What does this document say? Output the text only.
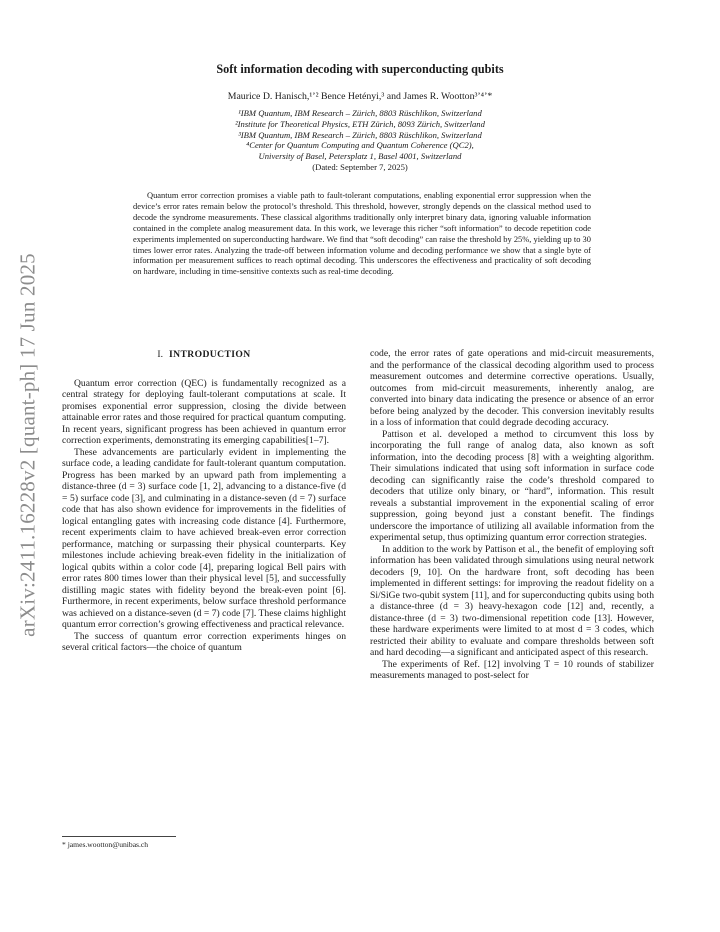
arXiv:2411.16228v2 [quant-ph] 17 Jun 2025
Soft information decoding with superconducting qubits
Maurice D. Hanisch,¹ʼ² Bence Hetényi,³ and James R. Wootton³ʼ⁴ʼ*
¹IBM Quantum, IBM Research – Zürich, 8803 Rüschlikon, Switzerland
²Institute for Theoretical Physics, ETH Zürich, 8093 Zürich, Switzerland
³IBM Quantum, IBM Research – Zürich, 8803 Rüschlikon, Switzerland
⁴Center for Quantum Computing and Quantum Coherence (QC2),
University of Basel, Petersplatz 1, Basel 4001, Switzerland
(Dated: September 7, 2025)
Quantum error correction promises a viable path to fault-tolerant computations, enabling exponential error suppression when the device’s error rates remain below the protocol’s threshold. This threshold, however, strongly depends on the classical method used to decode the syndrome measurements. These classical algorithms traditionally only interpret binary data, ignoring valuable information contained in the complete analog measurement data. In this work, we leverage this richer “soft information” to decode repetition code experiments implemented on superconducting hardware. We find that “soft decoding” can raise the threshold by 25%, yielding up to 30 times lower error rates. Analyzing the trade-off between information volume and decoding performance we show that a single byte of information per measurement suffices to reach optimal decoding. This underscores the effectiveness and practicality of soft decoding on hardware, including in time-sensitive contexts such as real-time decoding.
I. INTRODUCTION

Quantum error correction (QEC) is fundamentally recognized as a central strategy for deploying fault-tolerant computations at scale. It promises exponential error suppression, closing the divide between attainable error rates and those required for practical quantum computing. In recent years, significant progress has been achieved in quantum error correction experiments, demonstrating its emerging capabilities[1–7].

These advancements are particularly evident in implementing the surface code, a leading candidate for fault-tolerant quantum computation. Progress has been marked by an upward path from implementing a distance-three (d = 3) surface code [1, 2], advancing to a distance-five (d = 5) surface code [3], and culminating in a distance-seven (d = 7) surface code that has also shown evidence for improvements in the fidelities of logical entangling gates with increasing code distance [4]. Furthermore, recent experiments claim to have achieved break-even error correction performance, matching or surpassing their physical counterparts. Key milestones include achieving break-even fidelity in the initialization of logical qubits within a color code [4], preparing logical Bell pairs with error rates 800 times lower than their physical level [5], and successfully distilling magic states with fidelity beyond the break-even point [6]. Furthermore, in recent experiments, below surface threshold performance was achieved on a distance-seven (d = 7) code [7]. These claims highlight quantum error correction’s growing effectiveness and practical relevance.

The success of quantum error correction experiments hinges on several critical factors—the choice of quantum

code, the error rates of gate operations and mid-circuit measurements, and the performance of the classical decoding algorithm used to process measurement outcomes and determine corrective operations. Usually, outcomes from mid-circuit measurements, inherently analog, are converted into binary data indicating the presence or absence of an error before being analyzed by the decoder. This conversion inevitably results in a loss of information that could degrade decoding accuracy.

Pattison et al. developed a method to circumvent this loss by incorporating the full range of analog data, also known as soft information, into the decoding process [8] with a weighting algorithm. Their simulations indicated that using soft information in surface code decoding can significantly raise the code’s threshold compared to decoders that utilize only binary, or “hard”, information. This result reveals a substantial improvement in the exponential scaling of error suppression, going beyond just a constant benefit. The findings underscore the importance of utilizing all available information from the experimental setup, thus optimizing quantum error correction strategies.

In addition to the work by Pattison et al., the benefit of employing soft information has been validated through simulations using neural network decoders [9, 10]. On the hardware front, soft decoding has been implemented in different settings: for improving the readout fidelity on a Si/SiGe two-qubit system [11], and for superconducting qubits using both a distance-three (d = 3) heavy-hexagon code [12] and, recently, a distance-three (d = 3) two-dimensional repetition code [13]. However, these hardware experiments were limited to at most d = 3 codes, which restricted their ability to evaluate and compare thresholds between soft and hard decoding—a significant and anticipated aspect of this research.

The experiments of Ref. [12] involving T = 10 rounds of stabilizer measurements managed to post-select for

* james.wootton@unibas.ch
